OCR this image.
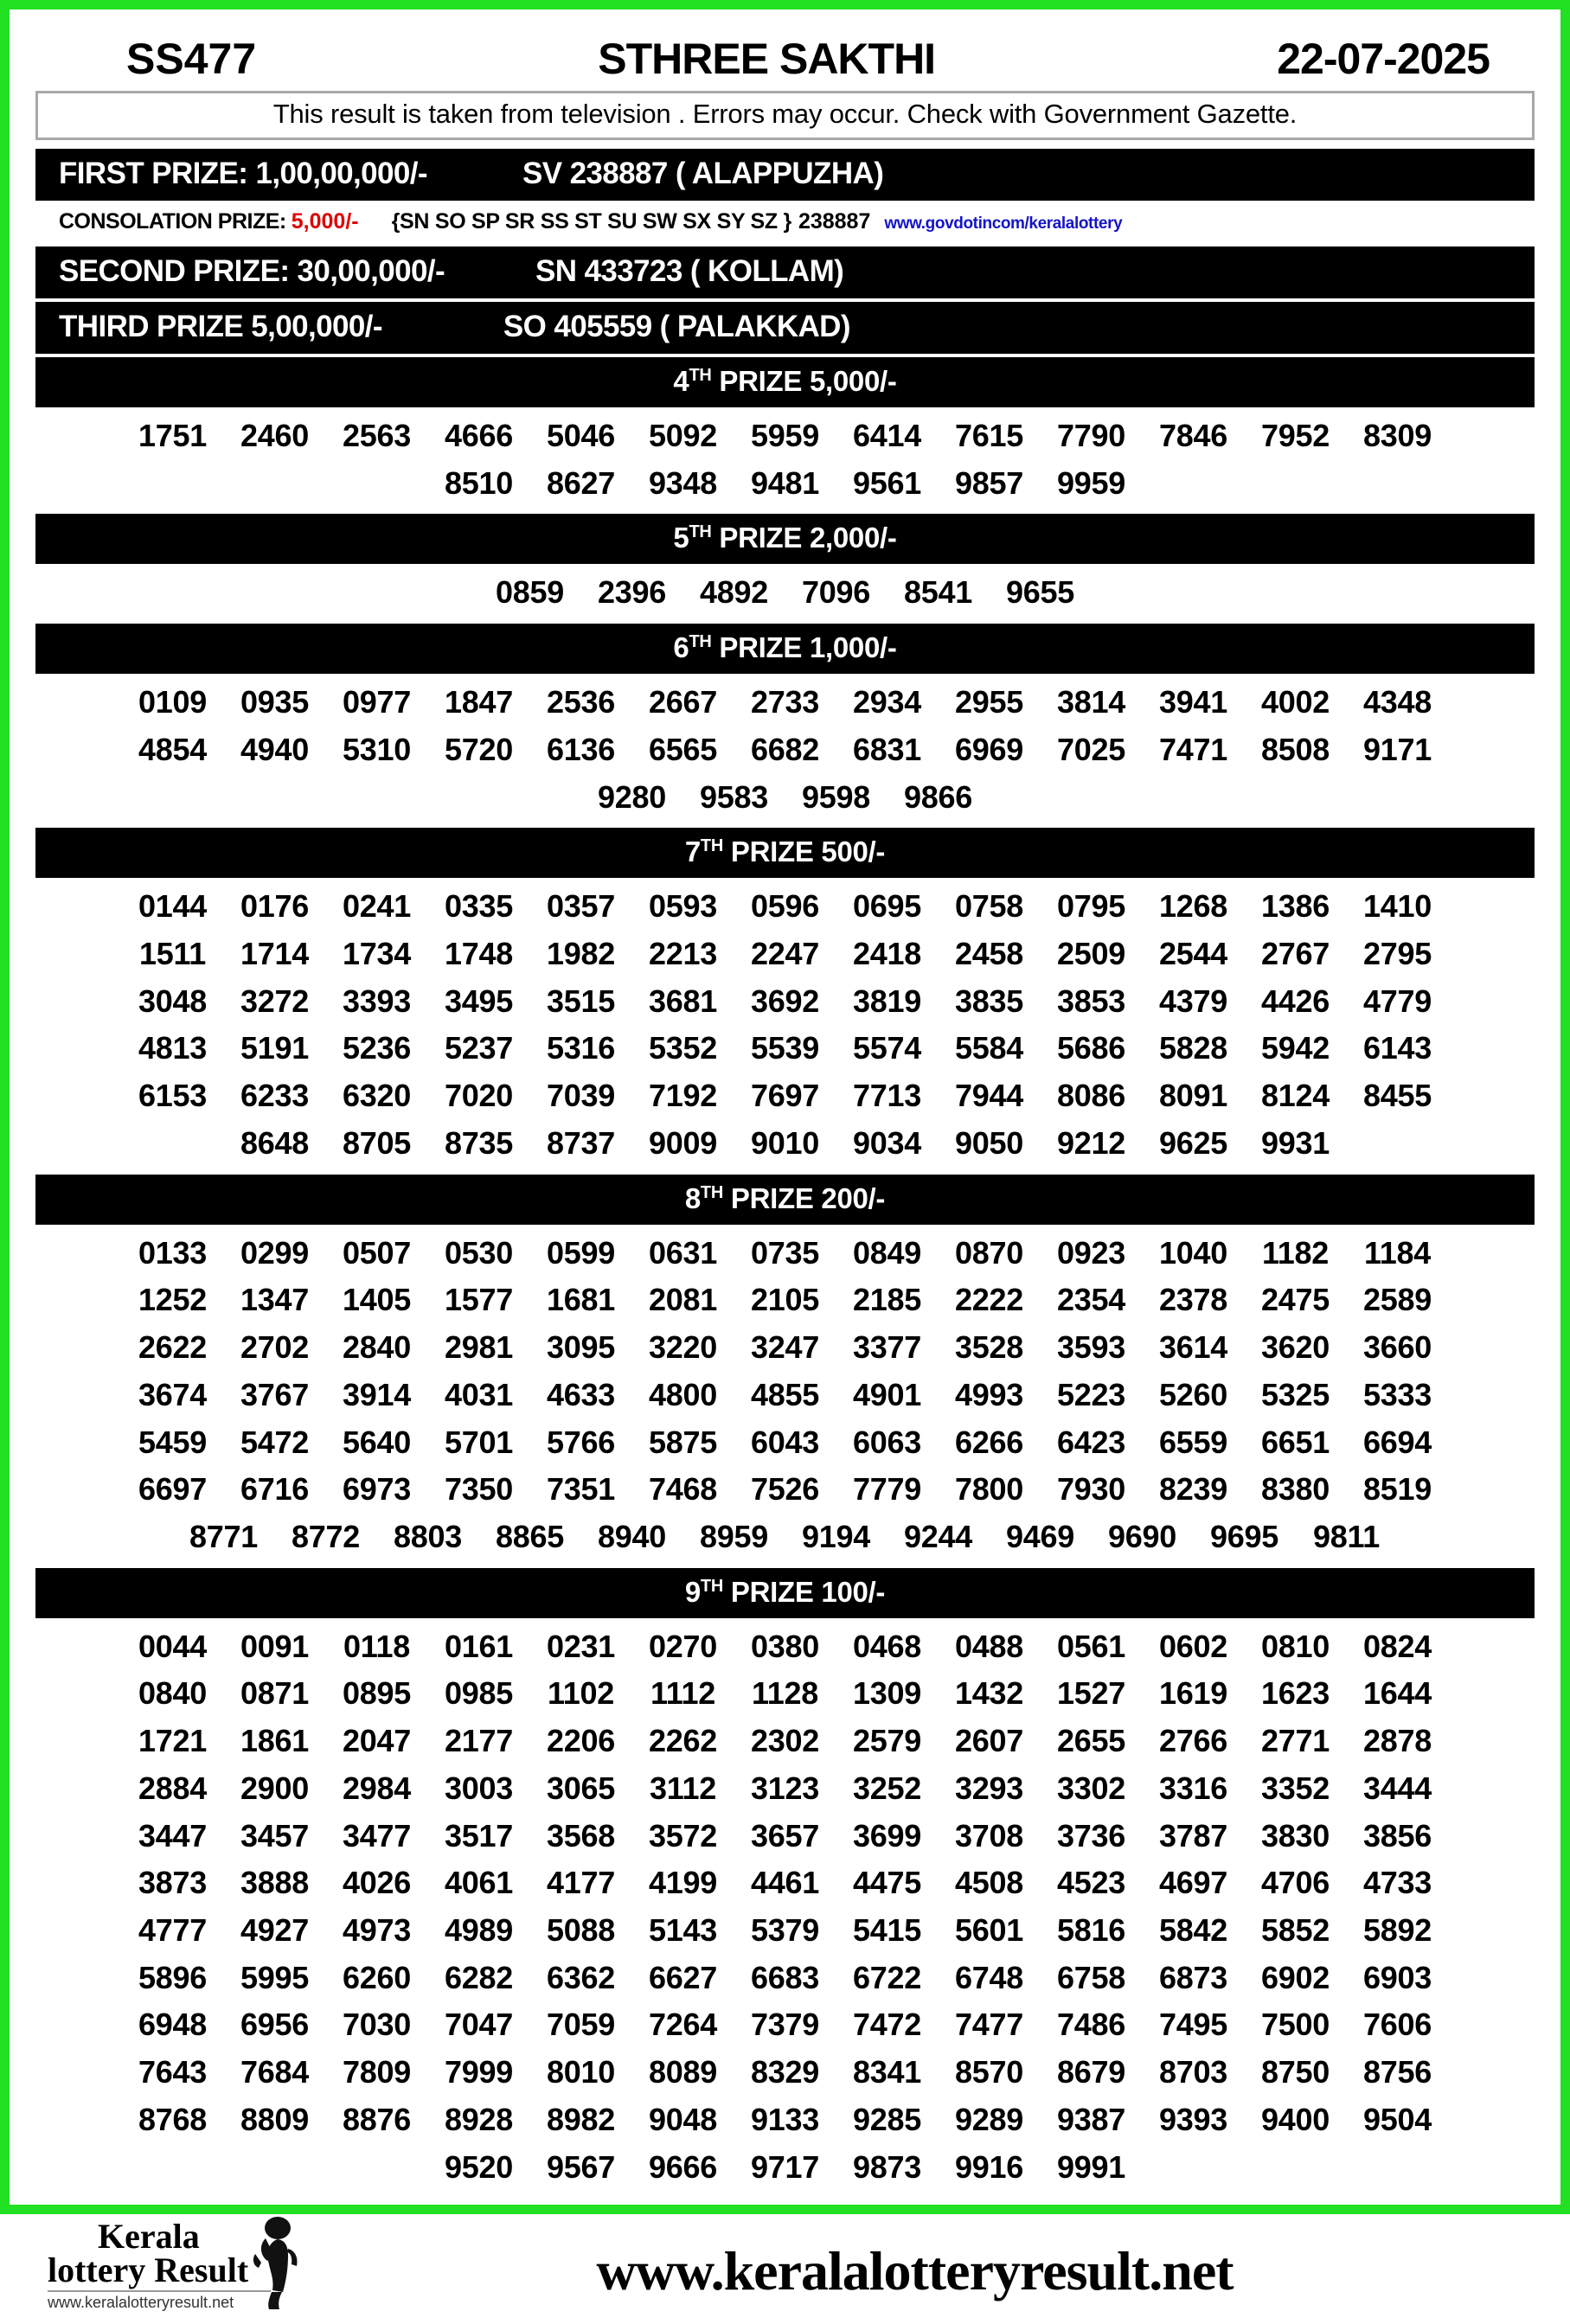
SS477	STHREE SAKTHI	22-07-2025
This result is taken from television . Errors may occur. Check with Government Gazette.
FIRST PRIZE: 1,00,00,000/-	SV 238887 ( ALAPPUZHA)
CONSOLATION PRIZE: 5,000/- {SN SO SP SR SS ST SU SW SX SY SZ } 238887 www.govdotincom/keralalottery
SECOND PRIZE: 30,00,000/-	SN 433723 ( KOLLAM)
THIRD PRIZE 5,00,000/-	SO 405559 ( PALAKKAD)
4TH PRIZE 5,000/-
1751	2460	2563	4666	5046	5092	5959	6414	7615	7790	7846	7952	8309
8510	8627	9348	9481	9561	9857	9959
5TH PRIZE 2,000/-
0859	2396	4892	7096	8541	9655
6TH PRIZE 1,000/-
0109	0935	0977	1847	2536	2667	2733	2934	2955	3814	3941	4002	4348
4854	4940	5310	5720	6136	6565	6682	6831	6969	7025	7471	8508	9171
9280	9583	9598	9866
7TH PRIZE 500/-
0144	0176	0241	0335	0357	0593	0596	0695	0758	0795	1268	1386	1410
1511	1714	1734	1748	1982	2213	2247	2418	2458	2509	2544	2767	2795
3048	3272	3393	3495	3515	3681	3692	3819	3835	3853	4379	4426	4779
4813	5191	5236	5237	5316	5352	5539	5574	5584	5686	5828	5942	6143
6153	6233	6320	7020	7039	7192	7697	7713	7944	8086	8091	8124	8455
8648	8705	8735	8737	9009	9010	9034	9050	9212	9625	9931
8TH PRIZE 200/-
0133	0299	0507	0530	0599	0631	0735	0849	0870	0923	1040	1182	1184
1252	1347	1405	1577	1681	2081	2105	2185	2222	2354	2378	2475	2589
2622	2702	2840	2981	3095	3220	3247	3377	3528	3593	3614	3620	3660
3674	3767	3914	4031	4633	4800	4855	4901	4993	5223	5260	5325	5333
5459	5472	5640	5701	5766	5875	6043	6063	6266	6423	6559	6651	6694
6697	6716	6973	7350	7351	7468	7526	7779	7800	7930	8239	8380	8519
8771	8772	8803	8865	8940	8959	9194	9244	9469	9690	9695	9811
9TH PRIZE 100/-
0044	0091	0118	0161	0231	0270	0380	0468	0488	0561	0602	0810	0824
0840	0871	0895	0985	1102	1112	1128	1309	1432	1527	1619	1623	1644
1721	1861	2047	2177	2206	2262	2302	2579	2607	2655	2766	2771	2878
2884	2900	2984	3003	3065	3112	3123	3252	3293	3302	3316	3352	3444
3447	3457	3477	3517	3568	3572	3657	3699	3708	3736	3787	3830	3856
3873	3888	4026	4061	4177	4199	4461	4475	4508	4523	4697	4706	4733
4777	4927	4973	4989	5088	5143	5379	5415	5601	5816	5842	5852	5892
5896	5995	6260	6282	6362	6627	6683	6722	6748	6758	6873	6902	6903
6948	6956	7030	7047	7059	7264	7379	7472	7477	7486	7495	7500	7606
7643	7684	7809	7999	8010	8089	8329	8341	8570	8679	8703	8750	8756
8768	8809	8876	8928	8982	9048	9133	9285	9289	9387	9393	9400	9504
9520	9567	9666	9717	9873	9916	9991
Kerala
lottery Result
www.keralalotteryresult.net
www.keralalotteryresult.net
